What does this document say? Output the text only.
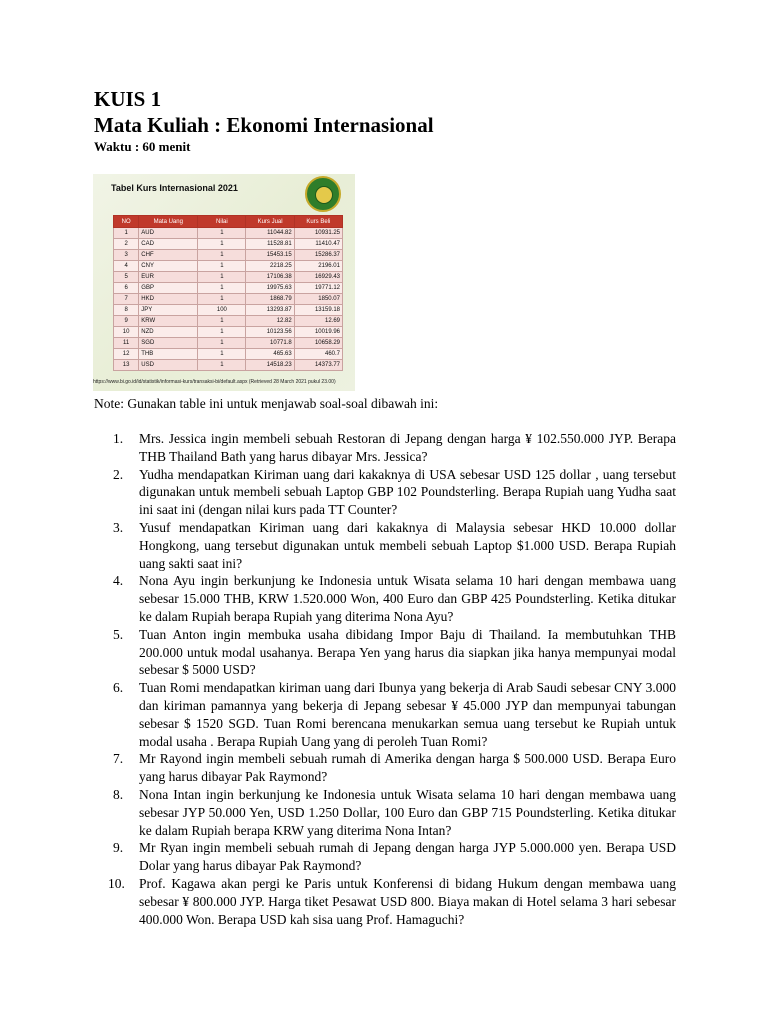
KUIS 1
Mata Kuliah : Ekonomi Internasional
Waktu : 60 menit
Tabel Kurs Internasional 2021
NO	Mata Uang	Nilai	Kurs Jual	Kurs Beli
1	AUD	1	11044.82	10931.25
2	CAD	1	11528.81	11410.47
3	CHF	1	15453.15	15286.37
4	CNY	1	2218.25	2196.01
5	EUR	1	17106.38	16929.43
6	GBP	1	19975.63	19771.12
7	HKD	1	1868.79	1850.07
8	JPY	100	13293.87	13159.18
9	KRW	1	12.82	12.69
10	NZD	1	10123.56	10019.96
11	SGD	1	10771.8	10658.29
12	THB	1	465.63	460.7
13	USD	1	14518.23	14373.77
https://www.bi.go.id/id/statistik/informasi-kurs/transaksi-bi/default.aspx (Retrieved 28 March 2021 pukul 23.00)
Note: Gunakan table ini untuk menjawab soal-soal dibawah ini:
1. Mrs. Jessica ingin membeli sebuah Restoran di Jepang dengan harga ¥ 102.550.000 JYP. Berapa THB Thailand Bath yang harus dibayar Mrs. Jessica?
2. Yudha mendapatkan Kiriman uang dari kakaknya di USA sebesar USD 125 dollar , uang tersebut digunakan untuk membeli sebuah Laptop GBP 102 Poundsterling. Berapa Rupiah uang Yudha saat ini saat ini (dengan nilai kurs pada TT Counter?
3. Yusuf mendapatkan Kiriman uang dari kakaknya di Malaysia sebesar HKD 10.000 dollar Hongkong, uang tersebut digunakan untuk membeli sebuah Laptop $1.000 USD. Berapa Rupiah uang sakti saat ini?
4. Nona Ayu ingin berkunjung ke Indonesia untuk Wisata selama 10 hari dengan membawa uang sebesar 15.000 THB, KRW 1.520.000 Won, 400 Euro dan GBP 425 Poundsterling. Ketika ditukar ke dalam Rupiah berapa Rupiah yang diterima Nona Ayu?
5. Tuan Anton ingin membuka usaha dibidang Impor Baju di Thailand. Ia membutuhkan THB 200.000 untuk modal usahanya. Berapa Yen yang harus dia siapkan jika hanya mempunyai modal sebesar $ 5000 USD?
6. Tuan Romi mendapatkan kiriman uang dari Ibunya yang bekerja di Arab Saudi sebesar CNY 3.000 dan kiriman pamannya yang bekerja di Jepang sebesar ¥ 45.000 JYP dan mempunyai tabungan sebesar $ 1520 SGD. Tuan Romi berencana menukarkan semua uang tersebut ke Rupiah untuk modal usaha . Berapa Rupiah Uang yang di peroleh Tuan Romi?
7. Mr Rayond ingin membeli sebuah rumah di Amerika dengan harga $ 500.000 USD. Berapa Euro yang harus dibayar Pak Raymond?
8. Nona Intan ingin berkunjung ke Indonesia untuk Wisata selama 10 hari dengan membawa uang sebesar JYP 50.000 Yen, USD 1.250 Dollar, 100 Euro dan GBP 715 Poundsterling. Ketika ditukar ke dalam Rupiah berapa KRW yang diterima Nona Intan?
9. Mr Ryan ingin membeli sebuah rumah di Jepang dengan harga JYP 5.000.000 yen. Berapa USD Dolar yang harus dibayar Pak Raymond?
10. Prof. Kagawa akan pergi ke Paris untuk Konferensi di bidang Hukum dengan membawa uang sebesar ¥ 800.000 JYP. Harga tiket Pesawat USD 800. Biaya makan di Hotel selama 3 hari sebesar 400.000 Won. Berapa USD kah sisa uang Prof. Hamaguchi?
